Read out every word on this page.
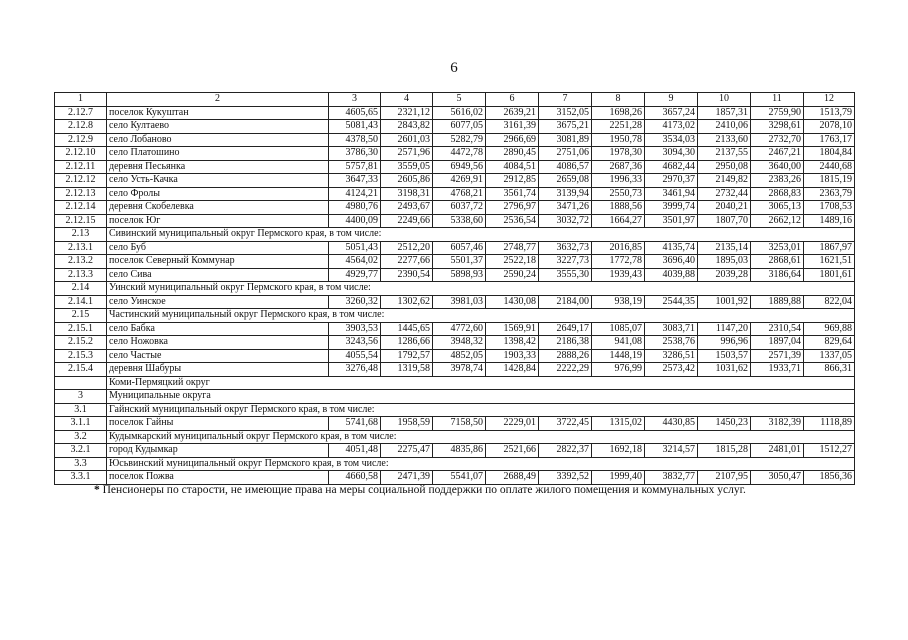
6
1	2	3	4	5	6	7	8	9	10	11	12
2.12.7	поселок Кукуштан	4605,65	2321,12	5616,02	2639,21	3152,05	1698,26	3657,24	1857,31	2759,90	1513,79
2.12.8	село Култаево	5081,43	2843,82	6077,05	3161,39	3675,21	2251,28	4173,02	2410,06	3298,61	2078,10
2.12.9	село Лобаново	4378,50	2601,03	5282,79	2966,69	3081,89	1950,78	3534,03	2133,60	2732,70	1763,17
2.12.10	село Платошино	3786,30	2571,96	4472,78	2890,45	2751,06	1978,30	3094,30	2137,55	2467,21	1804,84
2.12.11	деревня Песьянка	5757,81	3559,05	6949,56	4084,51	4086,57	2687,36	4682,44	2950,08	3640,00	2440,68
2.12.12	село Усть-Качка	3647,33	2605,86	4269,91	2912,85	2659,08	1996,33	2970,37	2149,82	2383,26	1815,19
2.12.13	село Фролы	4124,21	3198,31	4768,21	3561,74	3139,94	2550,73	3461,94	2732,44	2868,83	2363,79
2.12.14	деревня Скобелевка	4980,76	2493,67	6037,72	2796,97	3471,26	1888,56	3999,74	2040,21	3065,13	1708,53
2.12.15	поселок Юг	4400,09	2249,66	5338,60	2536,54	3032,72	1664,27	3501,97	1807,70	2662,12	1489,16
2.13	Сивинский муниципальный округ Пермского края, в том числе:										
2.13.1	село Буб	5051,43	2512,20	6057,46	2748,77	3632,73	2016,85	4135,74	2135,14	3253,01	1867,97
2.13.2	поселок Северный Коммунар	4564,02	2277,66	5501,37	2522,18	3227,73	1772,78	3696,40	1895,03	2868,61	1621,51
2.13.3	село Сива	4929,77	2390,54	5898,93	2590,24	3555,30	1939,43	4039,88	2039,28	3186,64	1801,61
2.14	Уинский муниципальный округ Пермского края, в том числе:										
2.14.1	село Уинское	3260,32	1302,62	3981,03	1430,08	2184,00	938,19	2544,35	1001,92	1889,88	822,04
2.15	Частинский муниципальный округ Пермского края, в том числе:										
2.15.1	село Бабка	3903,53	1445,65	4772,60	1569,91	2649,17	1085,07	3083,71	1147,20	2310,54	969,88
2.15.2	село Ножовка	3243,56	1286,66	3948,32	1398,42	2186,38	941,08	2538,76	996,96	1897,04	829,64
2.15.3	село Частые	4055,54	1792,57	4852,05	1903,33	2888,26	1448,19	3286,51	1503,57	2571,39	1337,05
2.15.4	деревня Шабуры	3276,48	1319,58	3978,74	1428,84	2222,29	976,99	2573,42	1031,62	1933,71	866,31
	Коми-Пермяцкий округ										
3	Муниципальные округа										
3.1	Гайнский муниципальный округ Пермского края, в том числе:										
3.1.1	поселок Гайны	5741,68	1958,59	7158,50	2229,01	3722,45	1315,02	4430,85	1450,23	3182,39	1118,89
3.2	Кудымкарский муниципальный округ Пермского края, в том числе:										
3.2.1	город Кудымкар	4051,48	2275,47	4835,86	2521,66	2822,37	1692,18	3214,57	1815,28	2481,01	1512,27
3.3	Юсьвинский муниципальный округ Пермского края, в том числе:										
3.3.1	поселок Пожва	4660,58	2471,39	5541,07	2688,49	3392,52	1999,40	3832,77	2107,95	3050,47	1856,36
* Пенсионеры по старости, не имеющие права на меры социальной поддержки по оплате жилого помещения и коммунальных услуг.
